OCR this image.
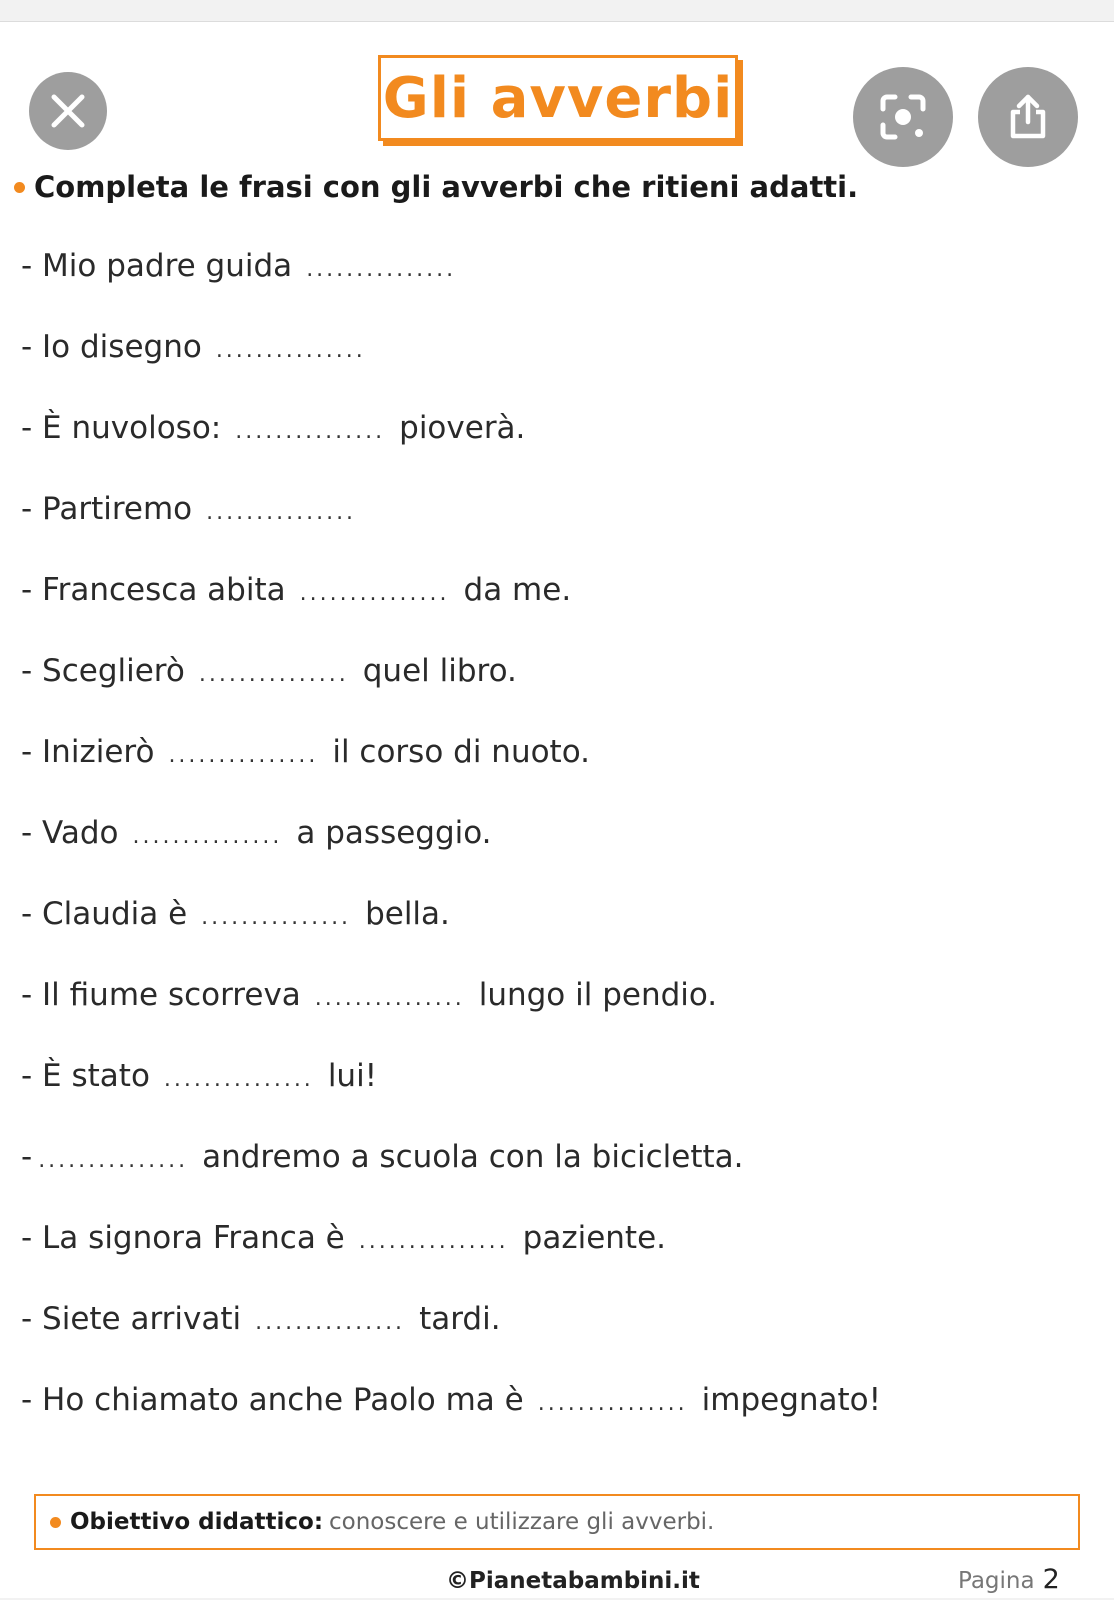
Gli avverbi
Completa le frasi con gli avverbi che ritieni adatti.
- Mio padre guida ...............
- Io disegno ...............
- È nuvoloso: ............... pioverà.
- Partiremo ...............
- Francesca abita ............... da me.
- Sceglierò ............... quel libro.
- Inizierò ............... il corso di nuoto.
- Vado ............... a passeggio.
- Claudia è ............... bella.
- Il fiume scorreva ............... lungo il pendio.
- È stato ............... lui!
- ............... andremo a scuola con la bicicletta.
- La signora Franca è ............... paziente.
- Siete arrivati ............... tardi.
- Ho chiamato anche Paolo ma è ............... impegnato!
Obiettivo didattico: conoscere e utilizzare gli avverbi.
©Pianetabambini.it	Pagina 2
